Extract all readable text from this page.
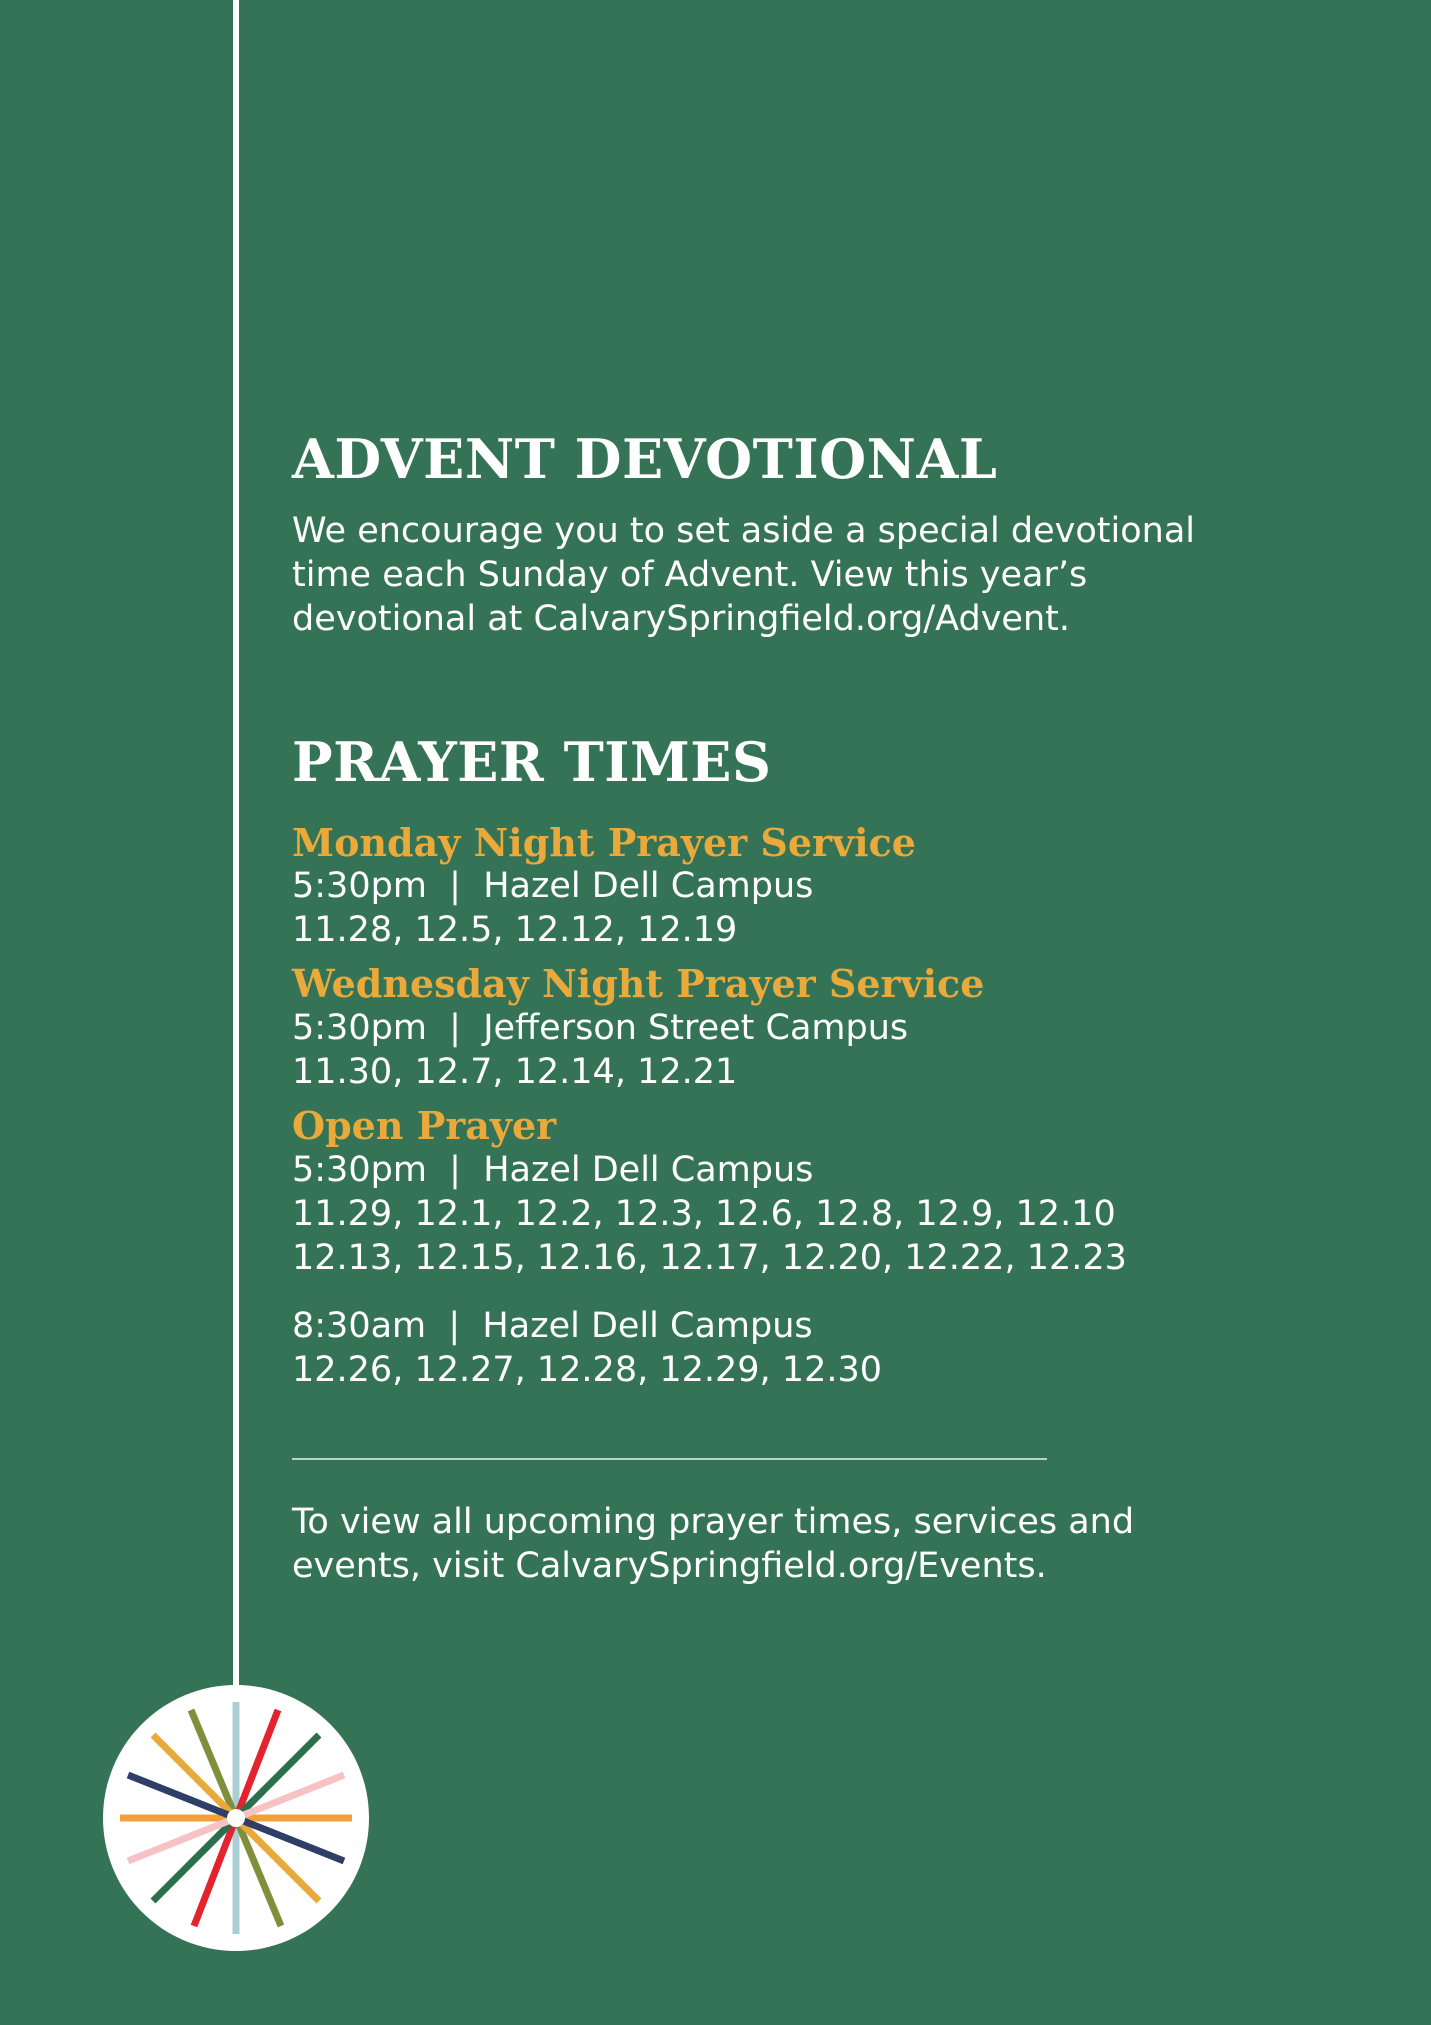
ADVENT DEVOTIONAL
We encourage you to set aside a special devotional
time each Sunday of Advent. View this year’s
devotional at CalvarySpringfield.org/Advent.
PRAYER TIMES
Monday Night Prayer Service
5:30pm  |  Hazel Dell Campus
11.28, 12.5, 12.12, 12.19
Wednesday Night Prayer Service
5:30pm  |  Jefferson Street Campus
11.30, 12.7, 12.14, 12.21
Open Prayer
5:30pm  |  Hazel Dell Campus
11.29, 12.1, 12.2, 12.3, 12.6, 12.8, 12.9, 12.10
12.13, 12.15, 12.16, 12.17, 12.20, 12.22, 12.23
8:30am  |  Hazel Dell Campus
12.26, 12.27, 12.28, 12.29, 12.30
To view all upcoming prayer times, services and
events, visit CalvarySpringfield.org/Events.
